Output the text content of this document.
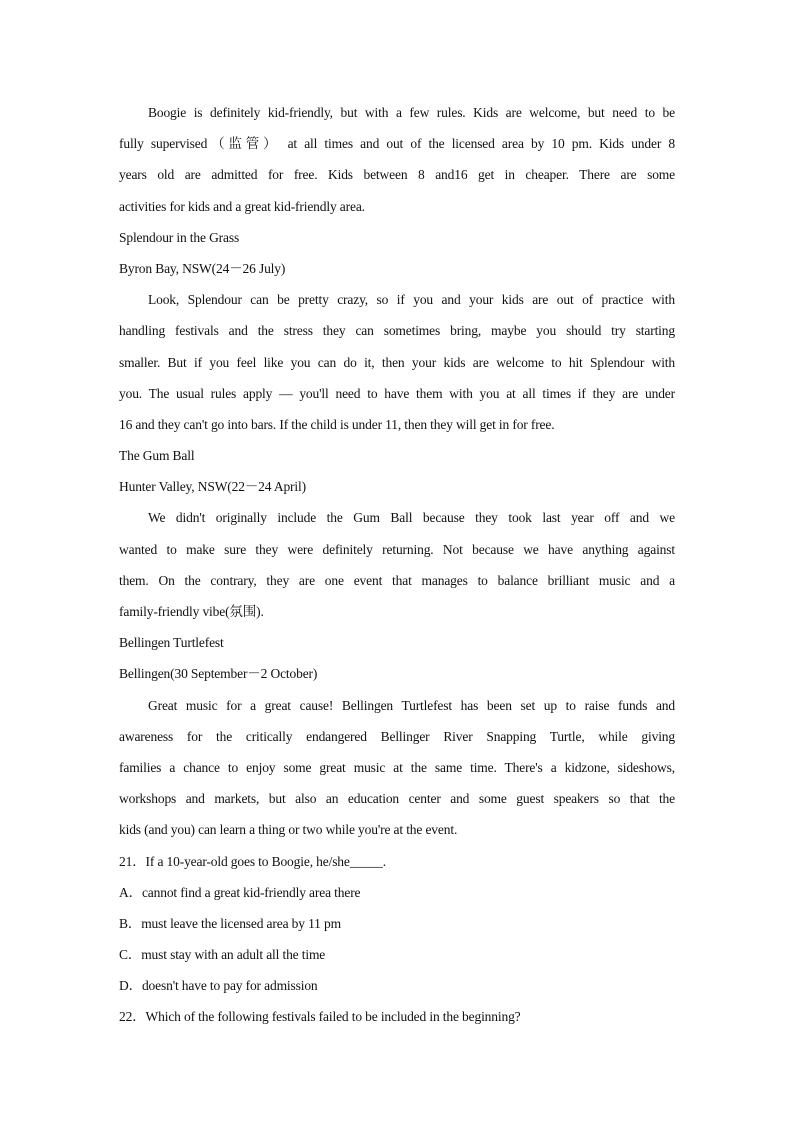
Boogie is definitely kid-friendly, but with a few rules. Kids are welcome, but need to be
fully supervised（监管） at all times and out of the licensed area by 10 pm. Kids under 8
years old are admitted for free. Kids between 8 and16 get in cheaper. There are some
activities for kids and a great kid-friendly area.
Splendour in the Grass
Byron Bay, NSW(24－26 July)
Look, Splendour can be pretty crazy, so if you and your kids are out of practice with
handling festivals and the stress they can sometimes bring, maybe you should try starting
smaller. But if you feel like you can do it, then your kids are welcome to hit Splendour with
you. The usual rules apply — you'll need to have them with you at all times if they are under
16 and they can't go into bars. If the child is under 11, then they will get in for free.
The Gum Ball
Hunter Valley, NSW(22－24 April)
We didn't originally include the Gum Ball because they took last year off and we
wanted to make sure they were definitely returning. Not because we have anything against
them. On the contrary, they are one event that manages to balance brilliant music and a
family-friendly vibe(氛围).
Bellingen Turtlefest
Bellingen(30 September－2 October)
Great music for a great cause! Bellingen Turtlefest has been set up to raise funds and
awareness for the critically endangered Bellinger River Snapping Turtle, while giving
families a chance to enjoy some great music at the same time. There's a kidzone, sideshows,
workshops and markets, but also an education center and some guest speakers so that the
kids (and you) can learn a thing or two while you're at the event.
21．If a 10-year-old goes to Boogie, he/she_____.
A．cannot find a great kid-friendly area there
B．must leave the licensed area by 11 pm
C．must stay with an adult all the time
D．doesn't have to pay for admission
22．Which of the following festivals failed to be included in the beginning?
